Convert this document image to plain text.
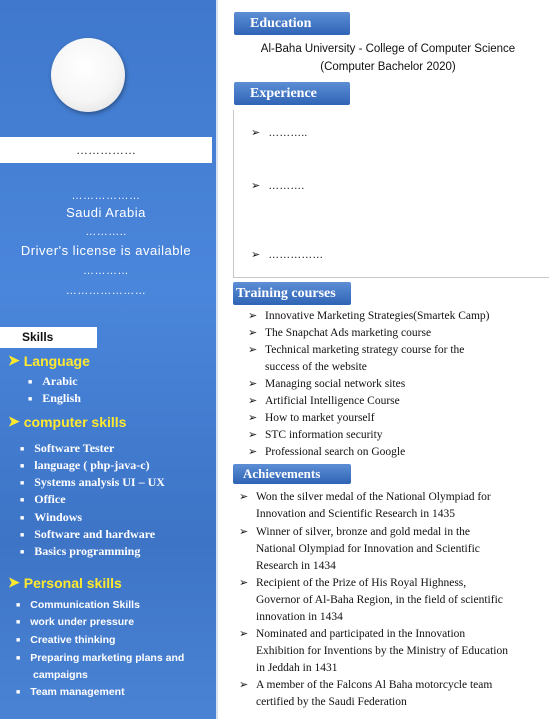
……………
………………
Saudi Arabia
………..
Driver's license is available
…………
…………………
Skills
➤ Language
■ Arabic
■ English
➤ computer skills
■ Software Tester
■ language ( php-java-c)
■ Systems analysis UI – UX
■ Office
■ Windows
■ Software and hardware
■ Basics programming
➤ Personal skills
■ Communication Skills
■ work under pressure
■ Creative thinking
■ Preparing marketing plans and
campaigns
■ Team management
Education
Al-Baha University - College of Computer Science
(Computer Bachelor 2020)
Experience
➢ ………..
➢ ……….
➢ ……………
Training courses
➢ Innovative Marketing Strategies(Smartek Camp)
➢ The Snapchat Ads marketing course
➢ Technical marketing strategy course for the
success of the website
➢ Managing social network sites
➢ Artificial Intelligence Course
➢ How to market yourself
➢ STC information security
➢ Professional search on Google
Achievements
➢ Won the silver medal of the National Olympiad for
Innovation and Scientific Research in 1435
➢ Winner of silver, bronze and gold medal in the
National Olympiad for Innovation and Scientific
Research in 1434
➢ Recipient of the Prize of His Royal Highness,
Governor of Al-Baha Region, in the field of scientific
innovation in 1434
➢ Nominated and participated in the Innovation
Exhibition for Inventions by the Ministry of Education
in Jeddah in 1431
➢ A member of the Falcons Al Baha motorcycle team
certified by the Saudi Federation
